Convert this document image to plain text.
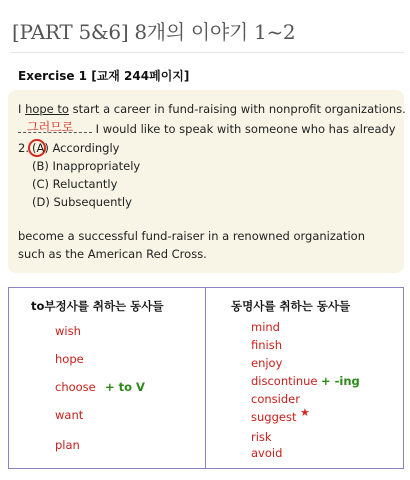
[PART 5&6] 8개의 이야기 1~2
Exercise 1 [교재 244페이지]
I hope to start a career in fund-raising with nonprofit organizations.
그러므로	I would like to speak with someone who has already
2. (A) Accordingly
(B) Inappropriately
(C) Reluctantly
(D) Subsequently
become a successful fund-raiser in a renowned organization
such as the American Red Cross.
to부정사를 취하는 동사들	동명사를 취하는 동사들
wish
hope
choose + to V
want
plan
mind
finish
enjoy
discontinue + -ing
consider
suggest ★
risk
avoid
